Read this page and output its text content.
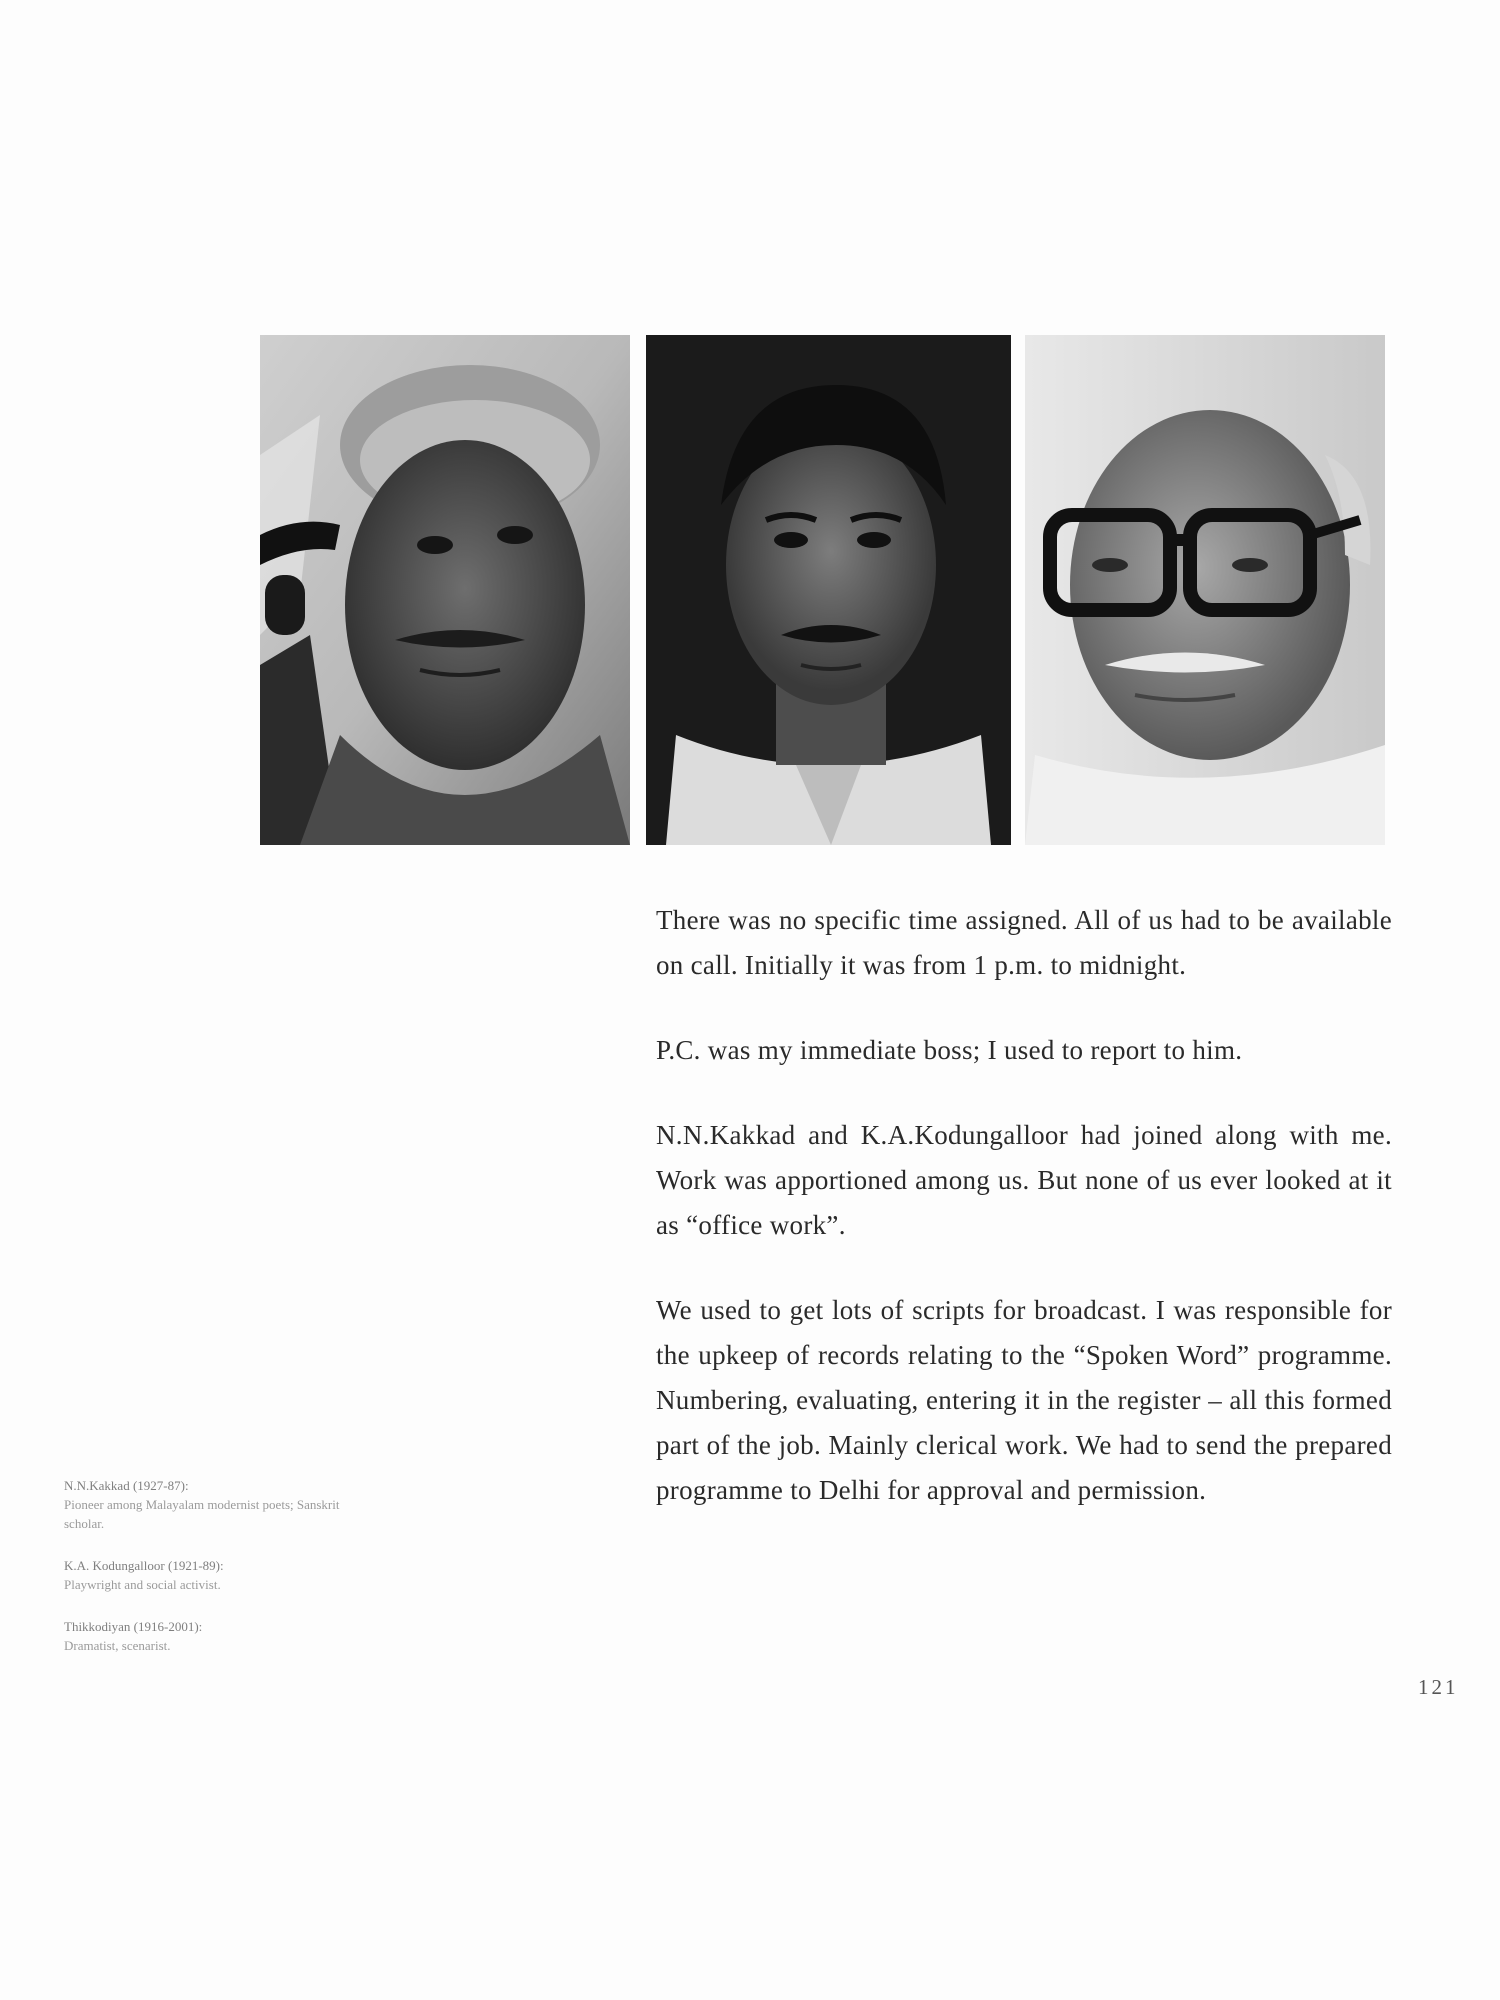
There was no specific time assigned. All of us had to be available on call. Initially it was from 1 p.m. to midnight.

P.C. was my immediate boss; I used to report to him.

N.N.Kakkad and K.A.Kodungalloor had joined along with me. Work was apportioned among us. But none of us ever looked at it as “office work”.

We used to get lots of scripts for broadcast. I was responsible for the upkeep of records relating to the “Spoken Word” programme. Numbering, evaluating, entering it in the register – all this formed part of the job. Mainly clerical work. We had to send the prepared programme to Delhi for approval and permission.

N.N.Kakkad (1927-87):
Pioneer among Malayalam modernist poets; Sanskrit scholar.
K.A. Kodungalloor (1921-89):
Playwright and social activist.
Thikkodiyan (1916-2001):
Dramatist, scenarist.
121
